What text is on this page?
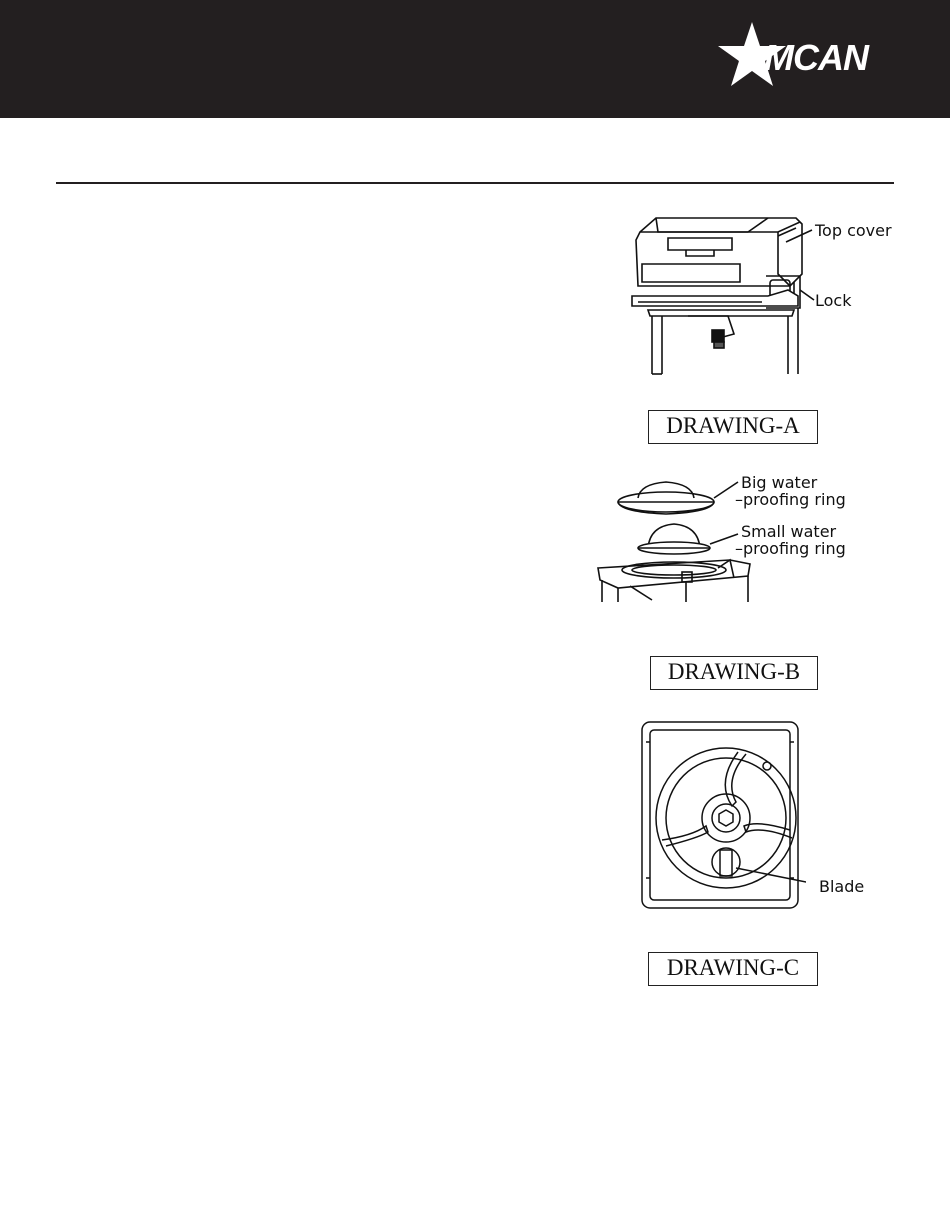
OMCAN
Top cover
Lock
DRAWING-A
Big water
–proofing ring
Small water
–proofing ring
DRAWING-B
Blade
DRAWING-C
